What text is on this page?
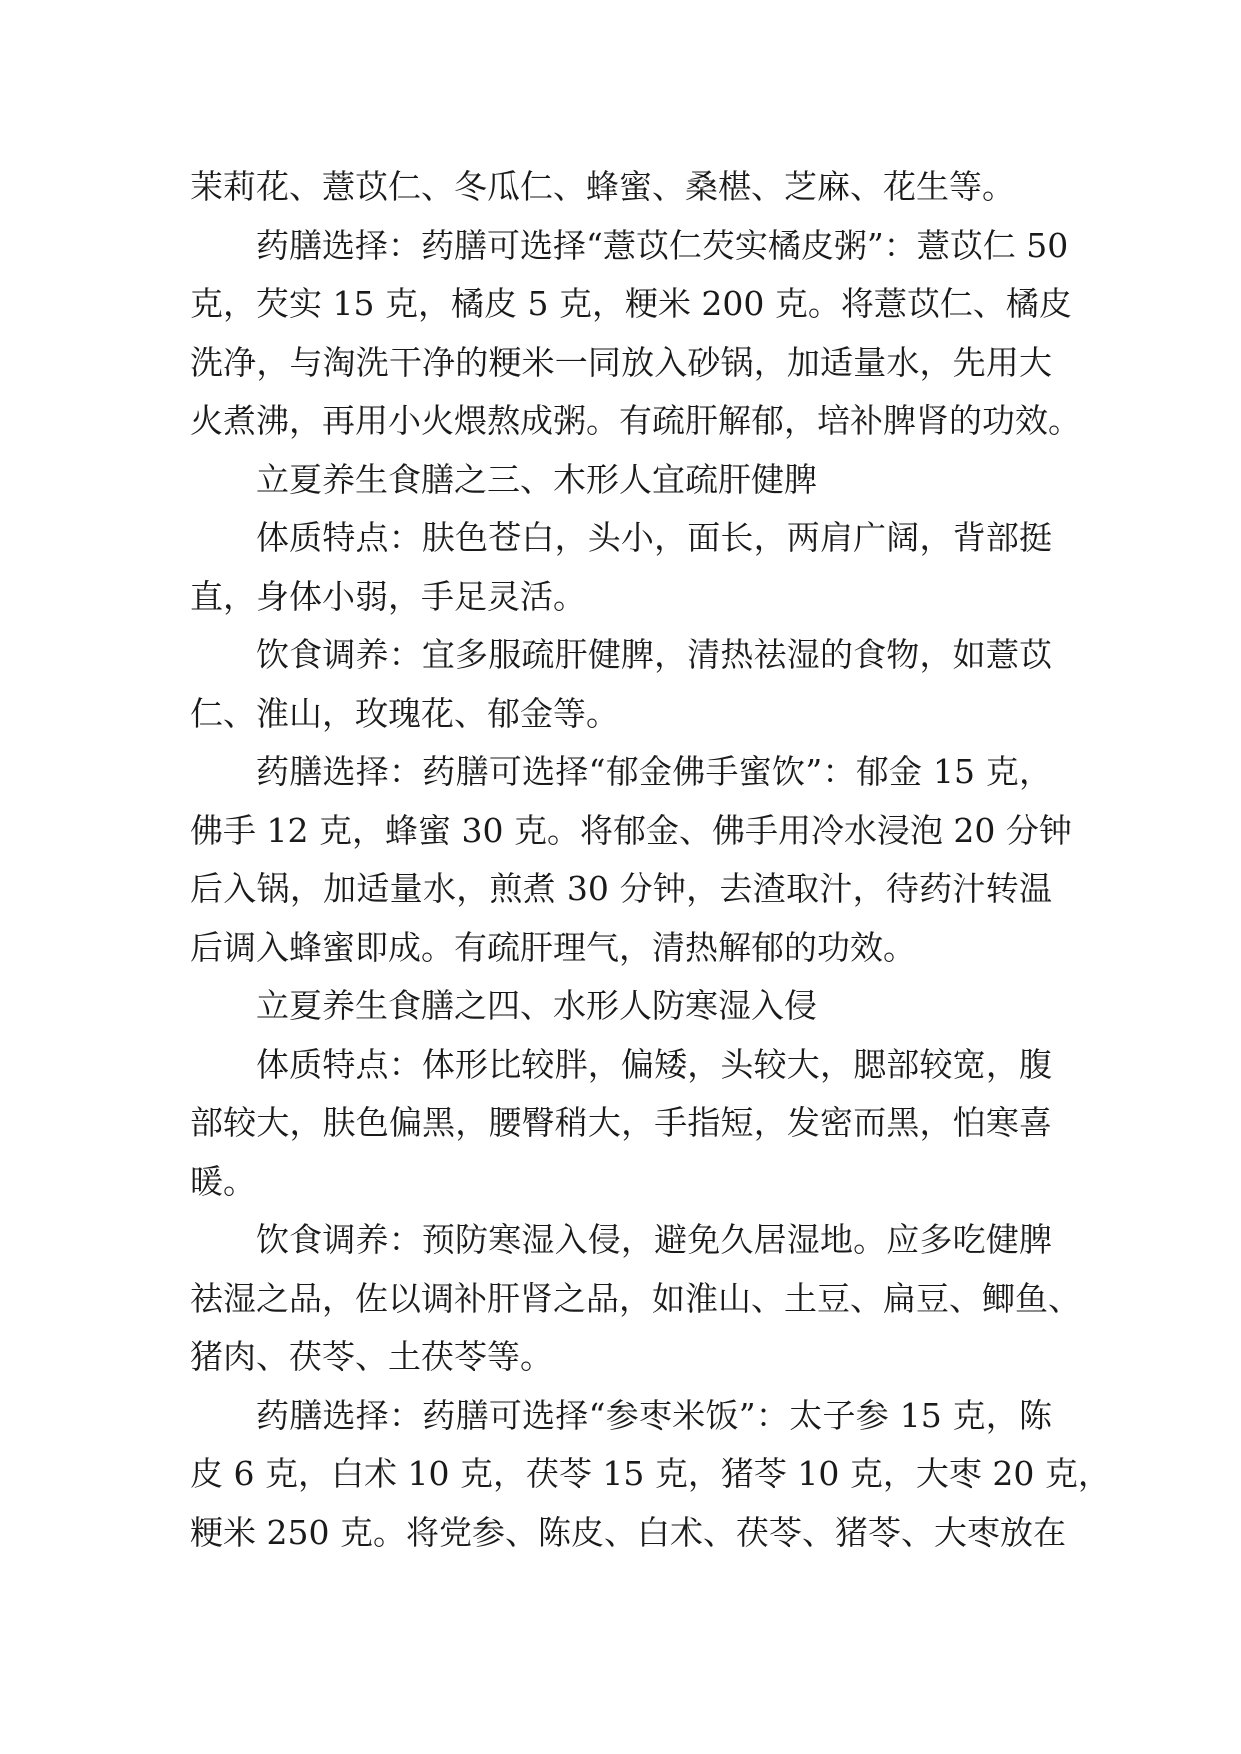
茉莉花、薏苡仁、冬瓜仁、蜂蜜、桑椹、芝麻、花生等。
药膳选择：药膳可选择“薏苡仁芡实橘皮粥”：薏苡仁 50
克，芡实 15 克，橘皮 5 克，粳米 200 克。将薏苡仁、橘皮
洗净，与淘洗干净的粳米一同放入砂锅，加适量水，先用大
火煮沸，再用小火煨熬成粥。有疏肝解郁，培补脾肾的功效。
立夏养生食膳之三、木形人宜疏肝健脾
体质特点：肤色苍白，头小，面长，两肩广阔，背部挺
直，身体小弱，手足灵活。
饮食调养：宜多服疏肝健脾，清热祛湿的食物，如薏苡
仁、淮山，玫瑰花、郁金等。
药膳选择：药膳可选择“郁金佛手蜜饮”：郁金 15 克，
佛手 12 克，蜂蜜 30 克。将郁金、佛手用冷水浸泡 20 分钟
后入锅，加适量水，煎煮 30 分钟，去渣取汁，待药汁转温
后调入蜂蜜即成。有疏肝理气，清热解郁的功效。
立夏养生食膳之四、水形人防寒湿入侵
体质特点：体形比较胖，偏矮，头较大，腮部较宽，腹
部较大，肤色偏黑，腰臀稍大，手指短，发密而黑，怕寒喜
暖。
饮食调养：预防寒湿入侵，避免久居湿地。应多吃健脾
祛湿之品，佐以调补肝肾之品，如淮山、土豆、扁豆、鲫鱼、
猪肉、茯苓、土茯苓等。
药膳选择：药膳可选择“参枣米饭”：太子参 15 克，陈
皮 6 克，白术 10 克，茯苓 15 克，猪苓 10 克，大枣 20 克，
粳米 250 克。将党参、陈皮、白术、茯苓、猪苓、大枣放在
